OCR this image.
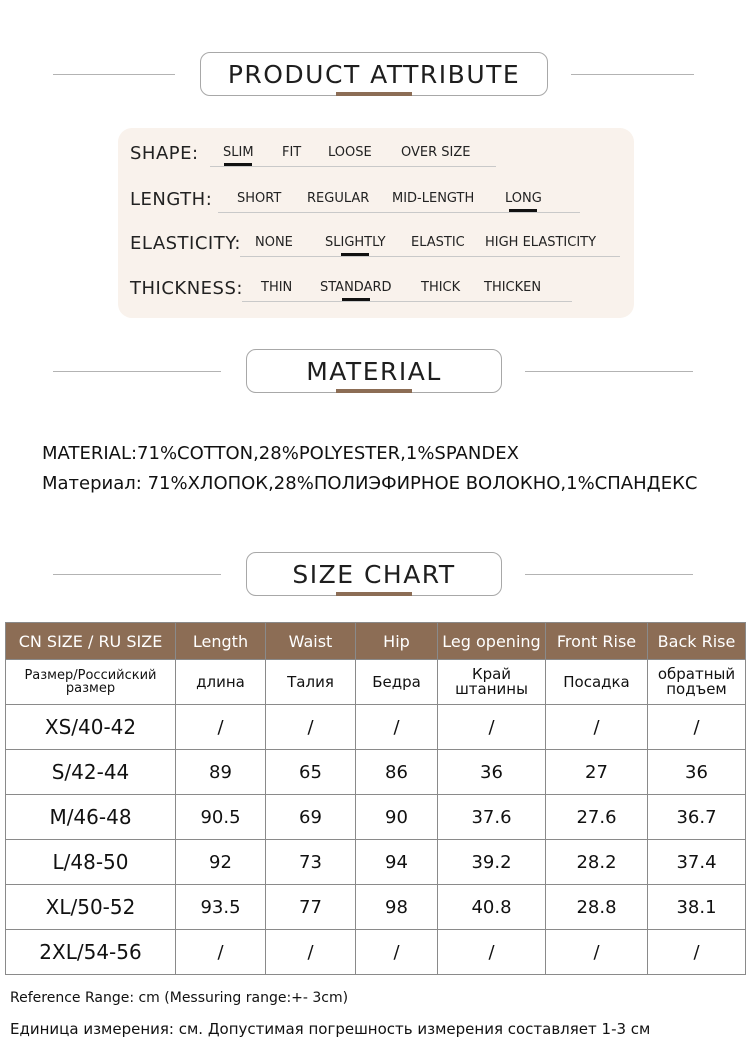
PRODUCT ATTRIBUTE
SHAPE: SLIM FIT LOOSE OVER SIZE
LENGTH: SHORT REGULAR MID-LENGTH LONG
ELASTICITY: NONE SLIGHTLY ELASTIC HIGH ELASTICITY
THICKNESS: THIN STANDARD THICK THICKEN
MATERIAL
MATERIAL:71%COTTON,28%POLYESTER,1%SPANDEX
Материал: 71%ХЛОПОК,28%ПОЛИЭФИРНОЕ ВОЛОКНО,1%СПАНДЕКС
SIZE CHART
CN SIZE / RU SIZE	Length	Waist	Hip	Leg opening	Front Rise	Back Rise
Размер/Российский размер	длина	Талия	Бедра	Край штанины	Посадка	обратный подъем
XS/40-42	/	/	/	/	/	/
S/42-44	89	65	86	36	27	36
M/46-48	90.5	69	90	37.6	27.6	36.7
L/48-50	92	73	94	39.2	28.2	37.4
XL/50-52	93.5	77	98	40.8	28.8	38.1
2XL/54-56	/	/	/	/	/	/
Reference Range: cm (Messuring range:+- 3cm)
Единица измерения: см. Допустимая погрешность измерения составляет 1-3 см
